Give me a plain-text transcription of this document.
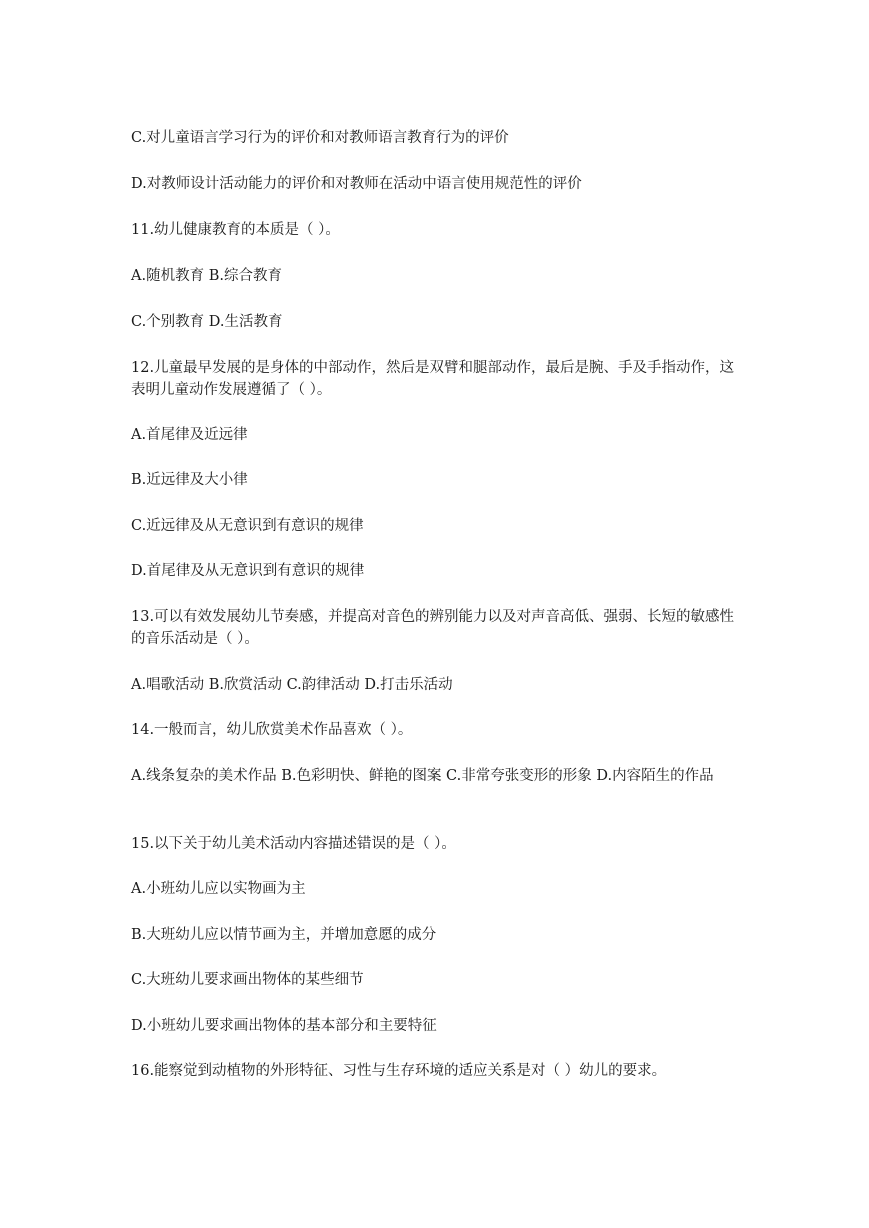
C.对儿童语言学习行为的评价和对教师语言教育行为的评价

D.对教师设计活动能力的评价和对教师在活动中语言使用规范性的评价

11.幼儿健康教育的本质是（ ）。

A.随机教育 B.综合教育

C.个别教育 D.生活教育

12.儿童最早发展的是身体的中部动作，然后是双臂和腿部动作，最后是腕、手及手指动作，这表明儿童动作发展遵循了（ ）。

A.首尾律及近远律

B.近远律及大小律

C.近远律及从无意识到有意识的规律

D.首尾律及从无意识到有意识的规律

13.可以有效发展幼儿节奏感，并提高对音色的辨别能力以及对声音高低、强弱、长短的敏感性的音乐活动是（ ）。

A.唱歌活动 B.欣赏活动 C.韵律活动 D.打击乐活动

14.一般而言，幼儿欣赏美术作品喜欢（ ）。

A.线条复杂的美术作品 B.色彩明快、鲜艳的图案 C.非常夸张变形的形象 D.内容陌生的作品

15.以下关于幼儿美术活动内容描述错误的是（ ）。

A.小班幼儿应以实物画为主

B.大班幼儿应以情节画为主，并增加意愿的成分

C.大班幼儿要求画出物体的某些细节

D.小班幼儿要求画出物体的基本部分和主要特征

16.能察觉到动植物的外形特征、习性与生存环境的适应关系是对（ ）幼儿的要求。
